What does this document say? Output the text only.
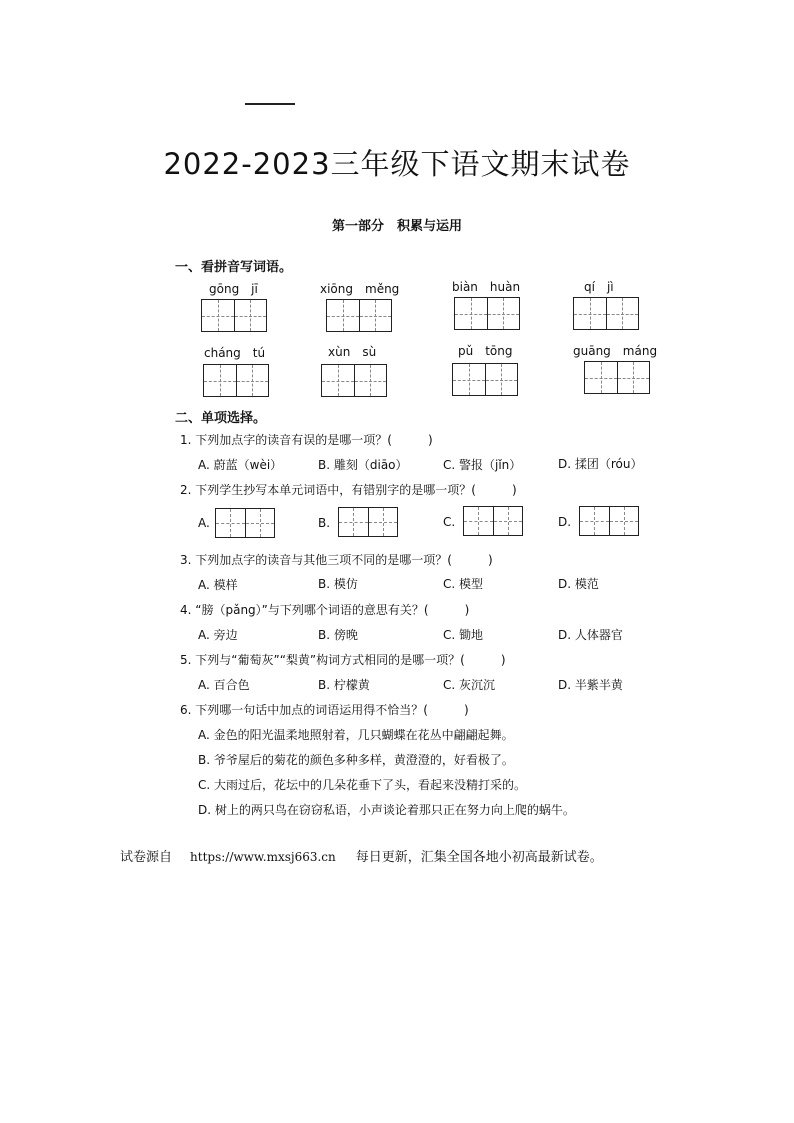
2022-2023三年级下语文期末试卷
第一部分　积累与运用
一、看拼音写词语。
gōng　jī	xiōng　měng	biàn　huàn	qí　jì
cháng　tú	xùn　sù	pǔ　tōng	guāng　máng
二、单项选择。
1. 下列加点字的读音有误的是哪一项？(　　　)
A. 蔚蓝（wèi）	B. 雕刻（diāo）	C. 警报（jǐn）	D. 揉团（róu）
2. 下列学生抄写本单元词语中，有错别字的是哪一项？(　　　)
A.	B.	C.	D.
3. 下列加点字的读音与其他三项不同的是哪一项？(　　　)
A. 模样	B. 模仿	C. 模型	D. 模范
4. “膀（pǎng）”与下列哪个词语的意思有关？(　　　)
A. 旁边	B. 傍晚	C. 锄地	D. 人体器官
5. 下列与“葡萄灰”“梨黄”构词方式相同的是哪一项？(　　　)
A. 百合色	B. 柠檬黄	C. 灰沉沉	D. 半紫半黄
6. 下列哪一句话中加点的词语运用得不恰当？(　　　)
A. 金色的阳光温柔地照射着，几只蝴蝶在花丛中翩翩起舞。
B. 爷爷屋后的菊花的颜色多种多样，黄澄澄的，好看极了。
C. 大雨过后，花坛中的几朵花垂下了头，看起来没精打采的。
D. 树上的两只鸟在窃窃私语，小声谈论着那只正在努力向上爬的蜗牛。
试卷源自 https://www.mxsj663.cn 每日更新，汇集全国各地小初高最新试卷。
